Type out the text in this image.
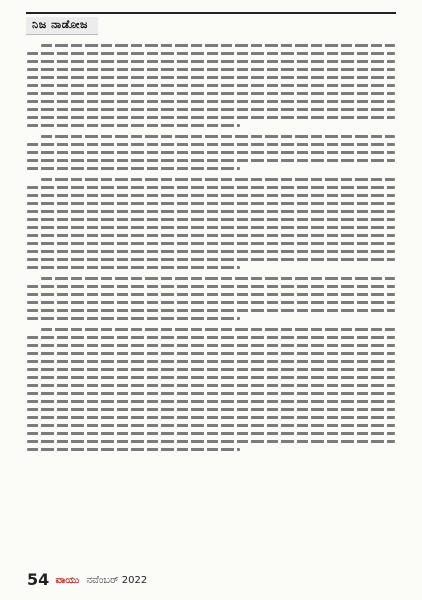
ನಿಜ ನಾಡೋಜ
54 ವಾಯು ನವೆಂಬರ್ 2022
